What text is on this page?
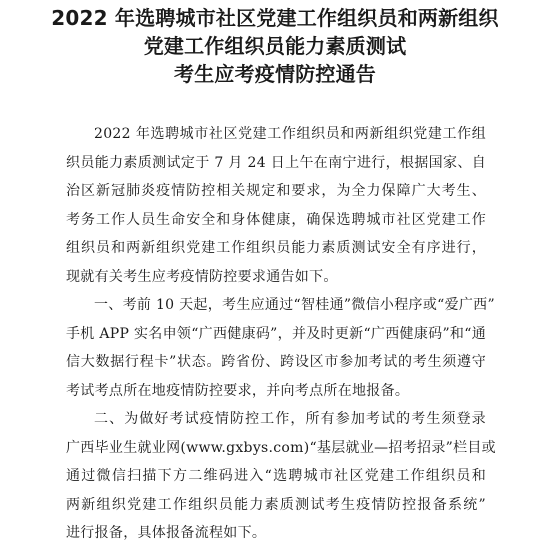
2022 年选聘城市社区党建工作组织员和两新组织
党建工作组织员能力素质测试
考生应考疫情防控通告
2022 年选聘城市社区党建工作组织员和两新组织党建工作组
织员能力素质测试定于 7 月 24 日上午在南宁进行，根据国家、自
治区新冠肺炎疫情防控相关规定和要求，为全力保障广大考生、
考务工作人员生命安全和身体健康，确保选聘城市社区党建工作
组织员和两新组织党建工作组织员能力素质测试安全有序进行，
现就有关考生应考疫情防控要求通告如下。
一、考前 10 天起，考生应通过“智桂通”微信小程序或“爱广西”
手机 APP 实名申领“广西健康码”，并及时更新“广西健康码”和“通
信大数据行程卡”状态。跨省份、跨设区市参加考试的考生须遵守
考试考点所在地疫情防控要求，并向考点所在地报备。
二、为做好考试疫情防控工作，所有参加考试的考生须登录
广西毕业生就业网(www.gxbys.com)“基层就业—招考招录”栏目或
通过微信扫描下方二维码进入“选聘城市社区党建工作组织员和
两新组织党建工作组织员能力素质测试考生疫情防控报备系统”
进行报备，具体报备流程如下。
